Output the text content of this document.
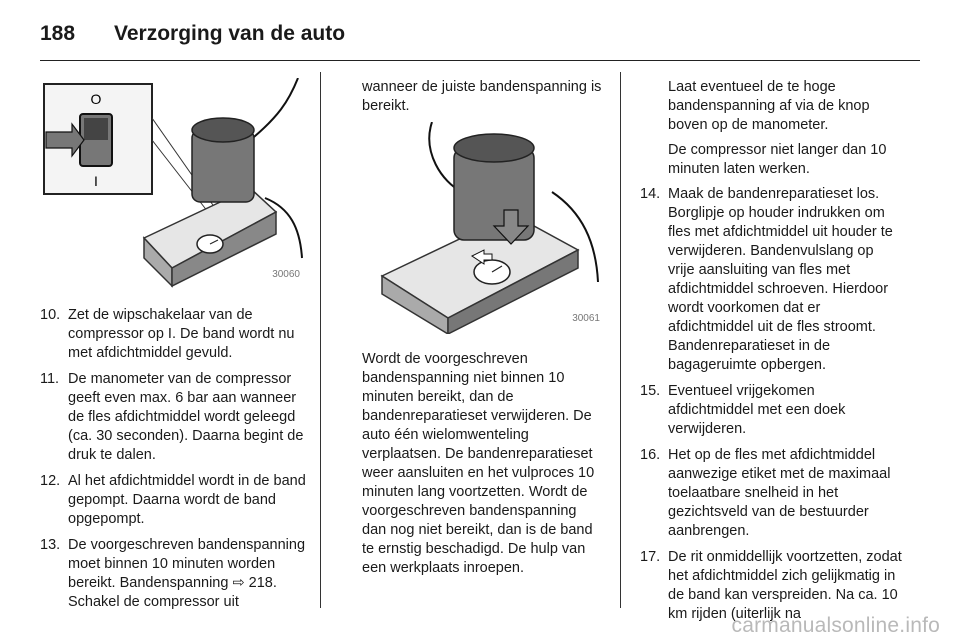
188	Verzorging van de auto
O
I
30060
10. Zet de wipschakelaar van de compressor op I. De band wordt nu met afdichtmiddel gevuld.
11. De manometer van de compressor geeft even max. 6 bar aan wanneer de fles afdichtmiddel wordt geleegd (ca. 30 seconden). Daarna begint de druk te dalen.
12. Al het afdichtmiddel wordt in de band gepompt. Daarna wordt de band opgepompt.
13. De voorgeschreven bandenspanning moet binnen 10 minuten worden bereikt. Bandenspanning ⇨ 218. Schakel de compressor uit

wanneer de juiste bandenspanning is bereikt.

30061

Wordt de voorgeschreven bandenspanning niet binnen 10 minuten bereikt, dan de bandenreparatieset verwijderen. De auto één wielomwenteling verplaatsen. De bandenreparatieset weer aansluiten en het vulproces 10 minuten lang voortzetten. Wordt de voorgeschreven bandenspanning dan nog niet bereikt, dan is de band te ernstig beschadigd. De hulp van een werkplaats inroepen.

Laat eventueel de te hoge bandenspanning af via de knop boven op de manometer.

De compressor niet langer dan 10 minuten laten werken.

14. Maak de bandenreparatieset los. Borglipje op houder indrukken om fles met afdichtmiddel uit houder te verwijderen. Bandenvulslang op vrije aansluiting van fles met afdichtmiddel schroeven. Hierdoor wordt voorkomen dat er afdichtmiddel uit de fles stroomt. Bandenreparatieset in de bagageruimte opbergen.
15. Eventueel vrijgekomen afdichtmiddel met een doek verwijderen.
16. Het op de fles met afdichtmiddel aanwezige etiket met de maximaal toelaatbare snelheid in het gezichtsveld van de bestuurder aanbrengen.
17. De rit onmiddellijk voortzetten, zodat het afdichtmiddel zich gelijkmatig in de band kan verspreiden. Na ca. 10 km rijden (uiterlijk na
carmanualsonline.info
